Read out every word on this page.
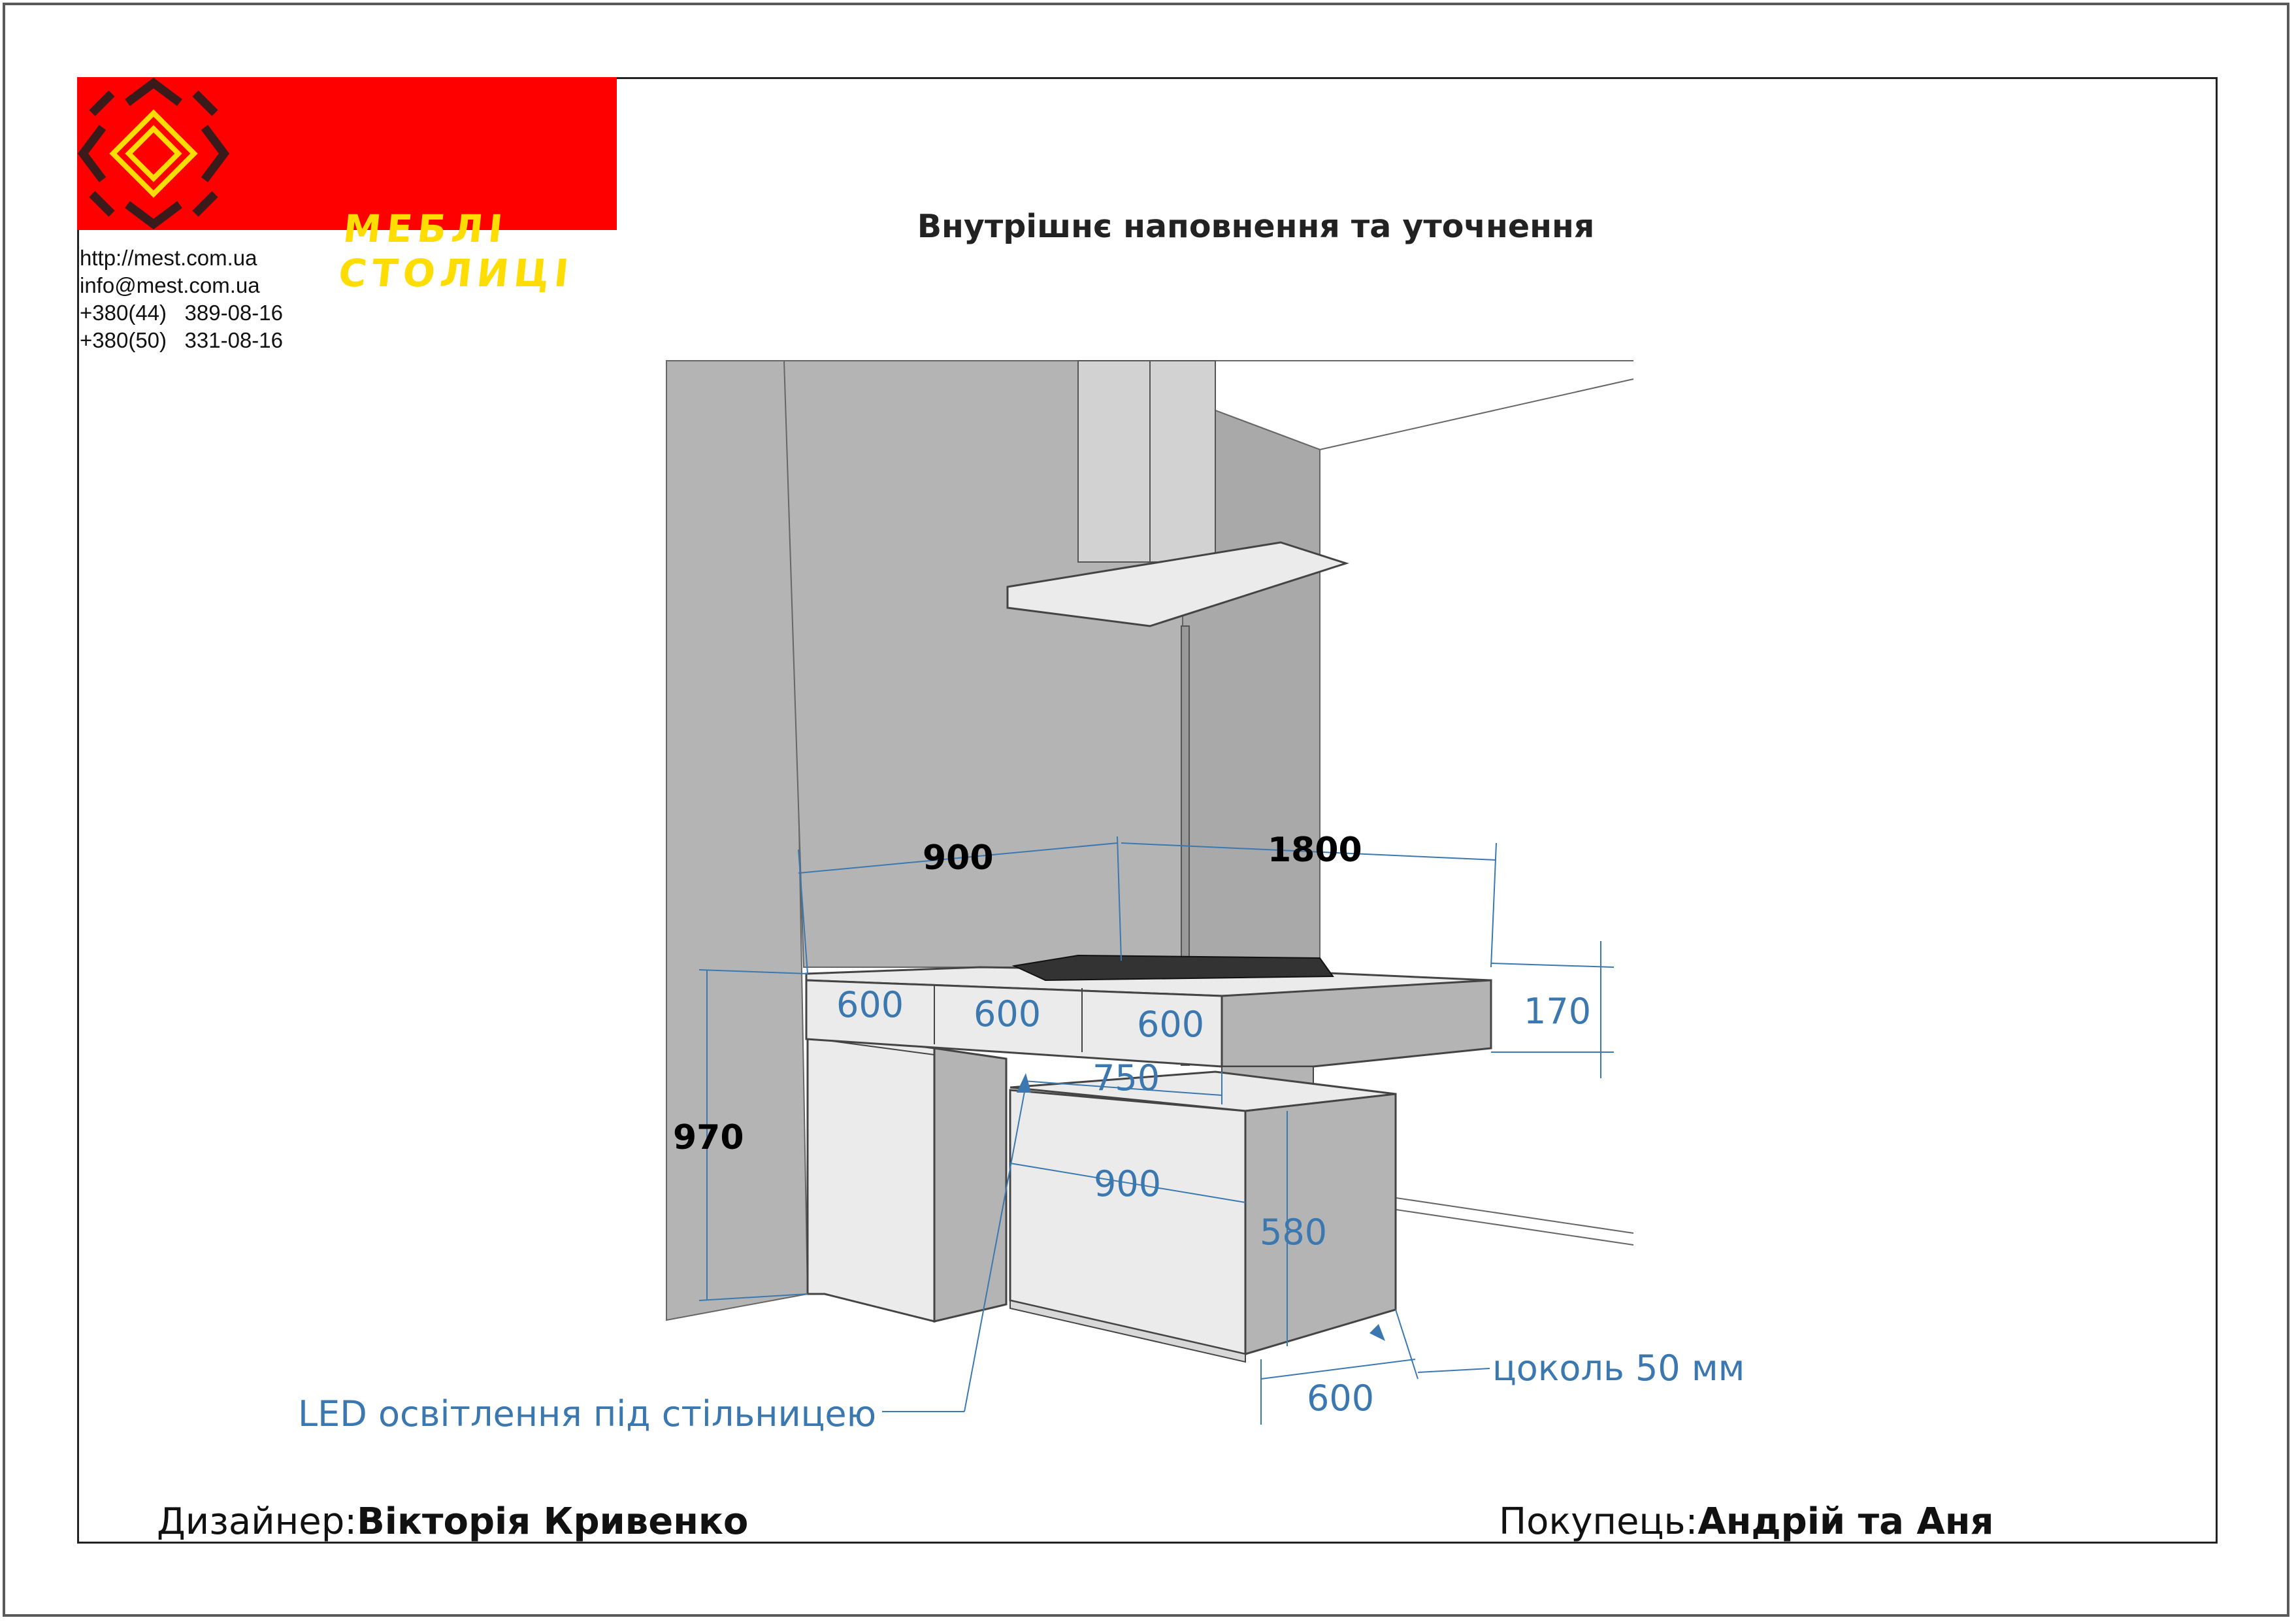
МЕБЛІ СТОЛИЦІ
http://mest.com.ua
info@mest.com.ua
+380(44)   389-08-16
+380(50)   331-08-16
Внутрішнє наповнення та уточнення
900	1800
970
600 600	600	170
750
900
580
600
цоколь 50 мм
LED освітлення під стільницею
Дизайнер:Вікторія Кривенко	Покупець:Андрій та Аня
